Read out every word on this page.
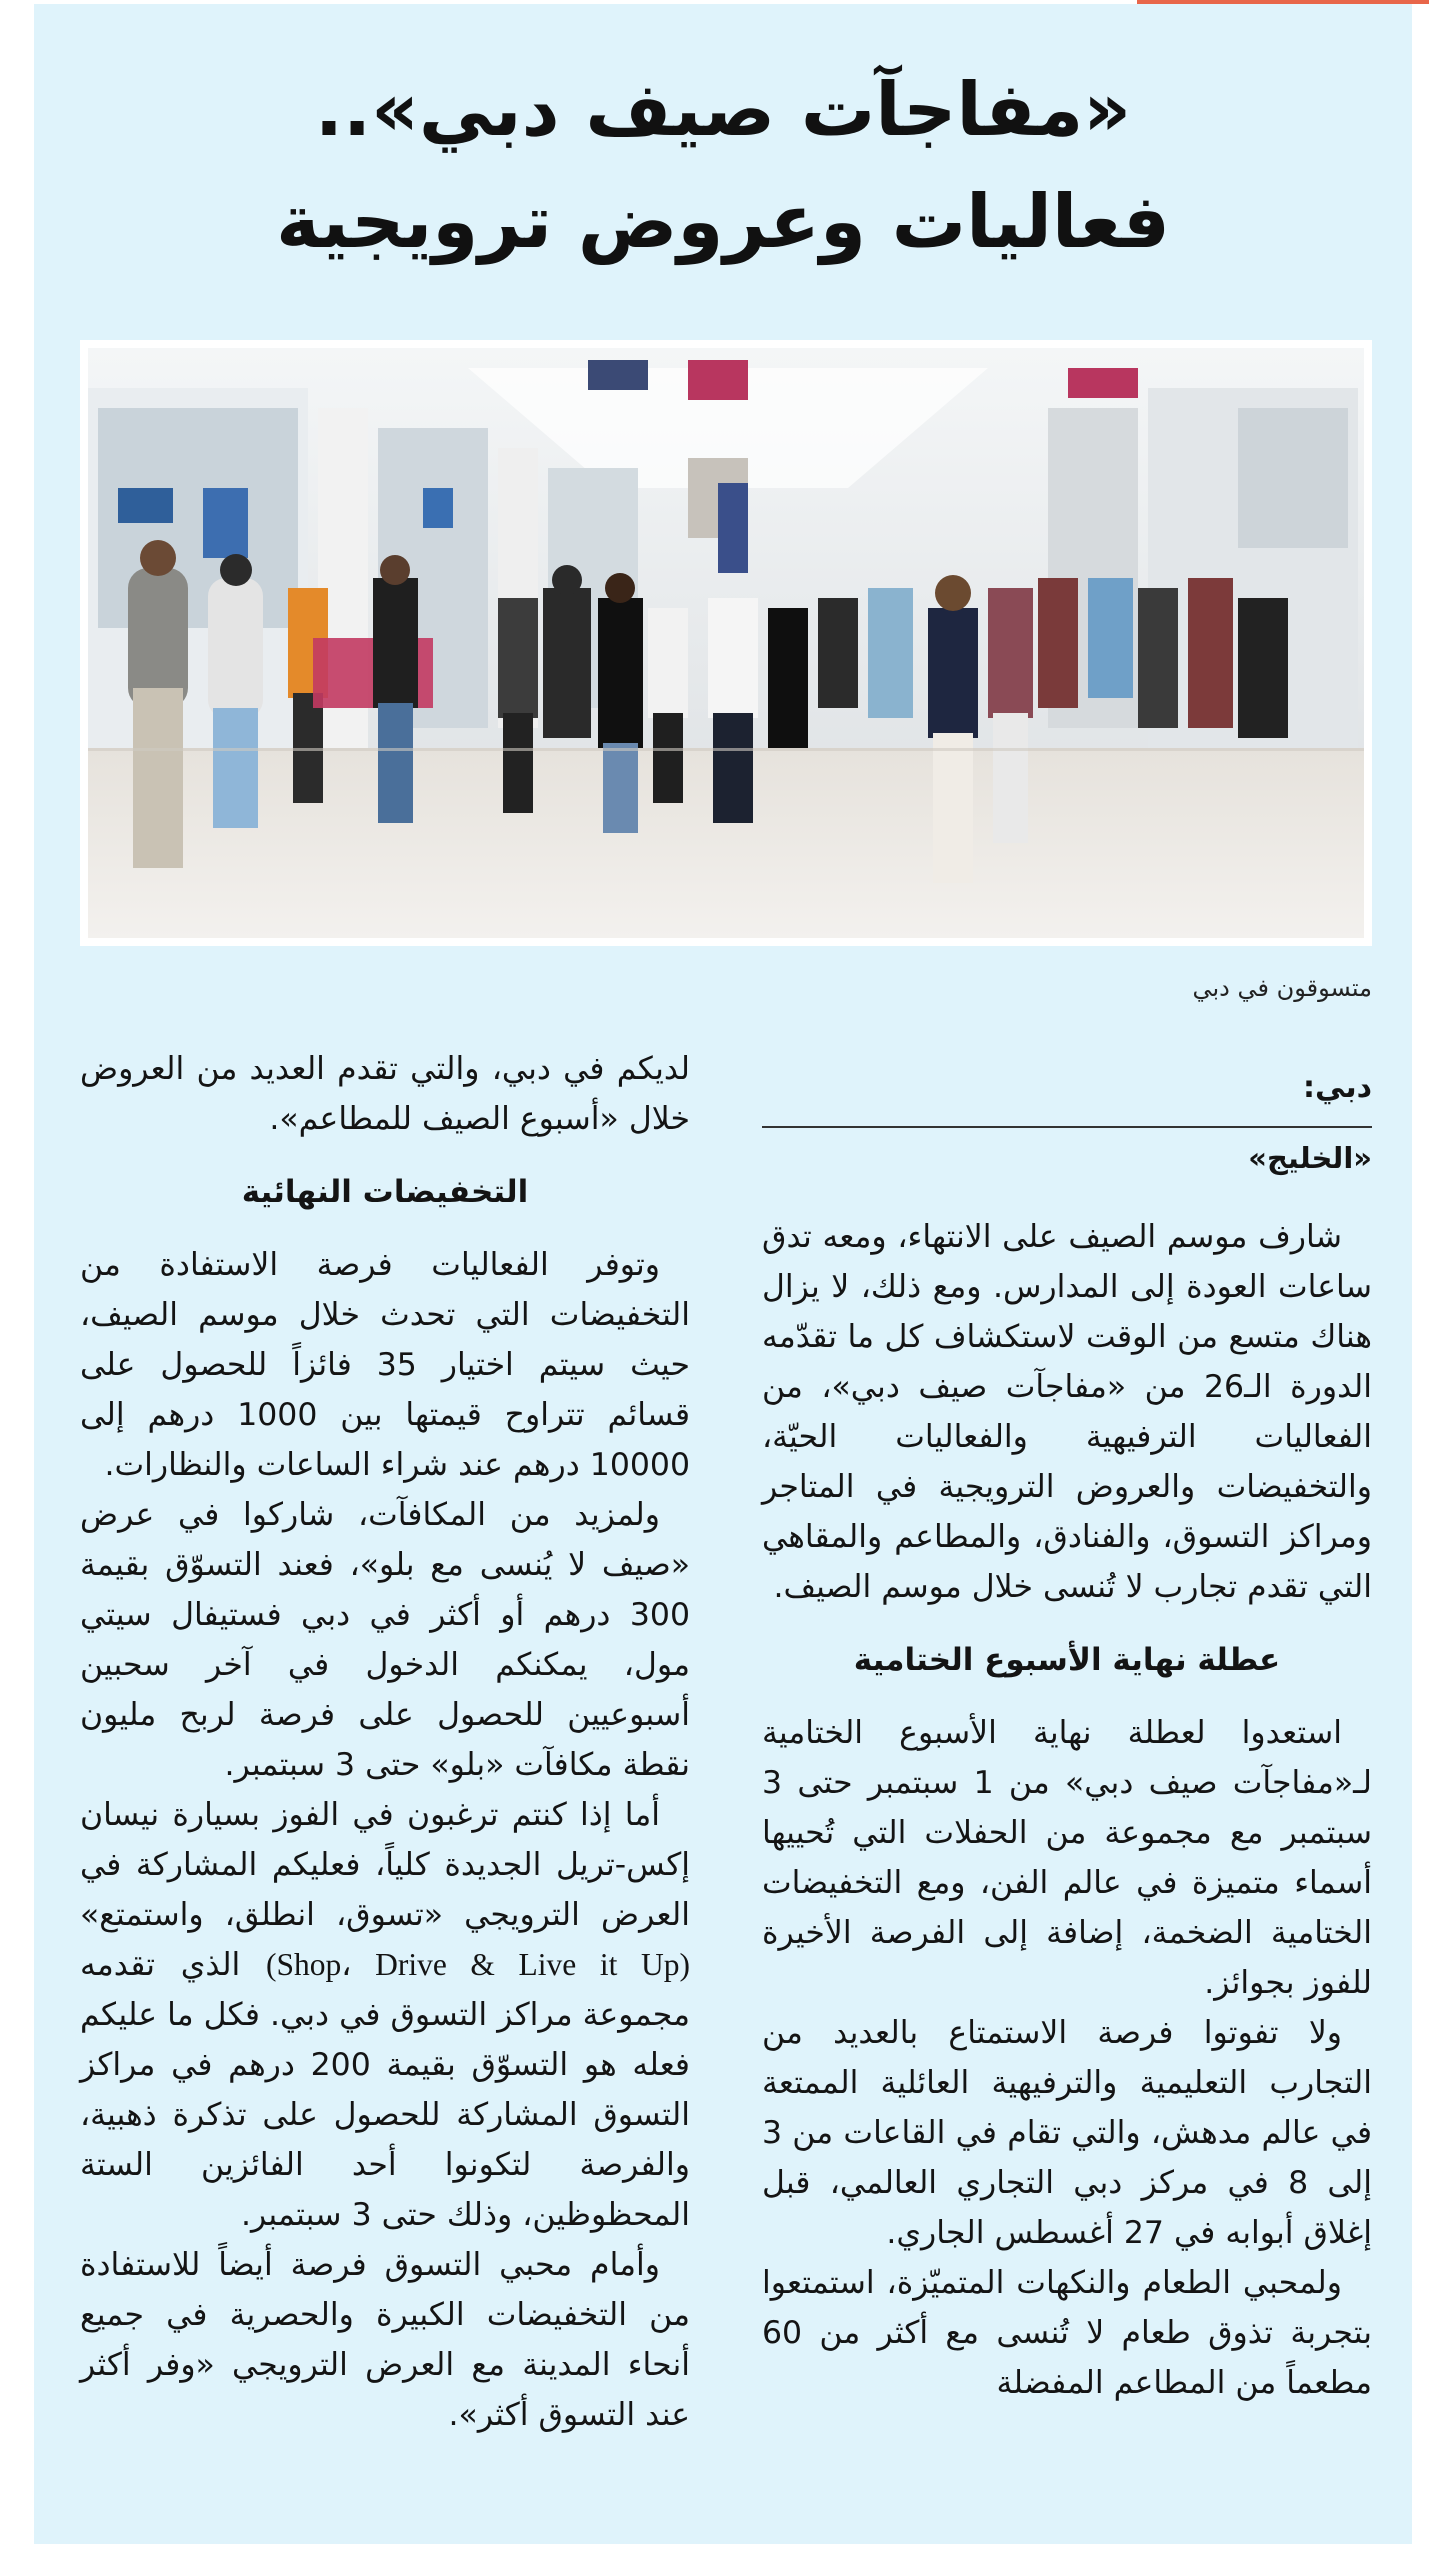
«مفاجآت صيف دبي»..
فعاليات وعروض ترويجية
متسوقون في دبي
دبي:
«الخليج»

شارف موسم الصيف على الانتهاء، ومعه تدق ساعات العودة إلى المدارس. ومع ذلك، لا يزال هناك متسع من الوقت لاستكشاف كل ما تقدّمه الدورة الـ26 من «مفاجآت صيف دبي»، من الفعاليات الترفيهية والفعاليات الحيّة، والتخفيضات والعروض الترويجية في المتاجر ومراكز التسوق، والفنادق، والمطاعم والمقاهي التي تقدم تجارب لا تُنسى خلال موسم الصيف.

عطلة نهاية الأسبوع الختامية

استعدوا لعطلة نهاية الأسبوع الختامية لـ«مفاجآت صيف دبي» من 1 سبتمبر حتى 3 سبتمبر مع مجموعة من الحفلات التي تُحييها أسماء متميزة في عالم الفن، ومع التخفيضات الختامية الضخمة، إضافة إلى الفرصة الأخيرة للفوز بجوائز.

ولا تفوتوا فرصة الاستمتاع بالعديد من التجارب التعليمية والترفيهية العائلية الممتعة في عالم مدهش، والتي تقام في القاعات من 3 إلى 8 في مركز دبي التجاري العالمي، قبل إغلاق أبوابه في 27 أغسطس الجاري.

ولمحبي الطعام والنكهات المتميّزة، استمتعوا بتجربة تذوق طعام لا تُنسى مع أكثر من 60 مطعماً من المطاعم المفضلة

لديكم في دبي، والتي تقدم العديد من العروض خلال «أسبوع الصيف للمطاعم».

التخفيضات النهائية

وتوفر الفعاليات فرصة الاستفادة من التخفيضات التي تحدث خلال موسم الصيف، حيث سيتم اختيار 35 فائزاً للحصول على قسائم تتراوح قيمتها بين 1000 درهم إلى 10000 درهم عند شراء الساعات والنظارات.

ولمزيد من المكافآت، شاركوا في عرض «صيف لا يُنسى مع بلو»، فعند التسوّق بقيمة 300 درهم أو أكثر في دبي فستيفال سيتي مول، يمكنكم الدخول في آخر سحبين أسبوعيين للحصول على فرصة لربح مليون نقطة مكافآت «بلو» حتى 3 سبتمبر.

أما إذا كنتم ترغبون في الفوز بسيارة نيسان إكس-تريل الجديدة كلياً، فعليكم المشاركة في العرض الترويجي «تسوق، انطلق، واستمتع» (Shop، Drive & Live it Up) الذي تقدمه مجموعة مراكز التسوق في دبي. فكل ما عليكم فعله هو التسوّق بقيمة 200 درهم في مراكز التسوق المشاركة للحصول على تذكرة ذهبية، والفرصة لتكونوا أحد الفائزين الستة المحظوظين، وذلك حتى 3 سبتمبر.

وأمام محبي التسوق فرصة أيضاً للاستفادة من التخفيضات الكبيرة والحصرية في جميع أنحاء المدينة مع العرض الترويجي «وفر أكثر عند التسوق أكثر».
